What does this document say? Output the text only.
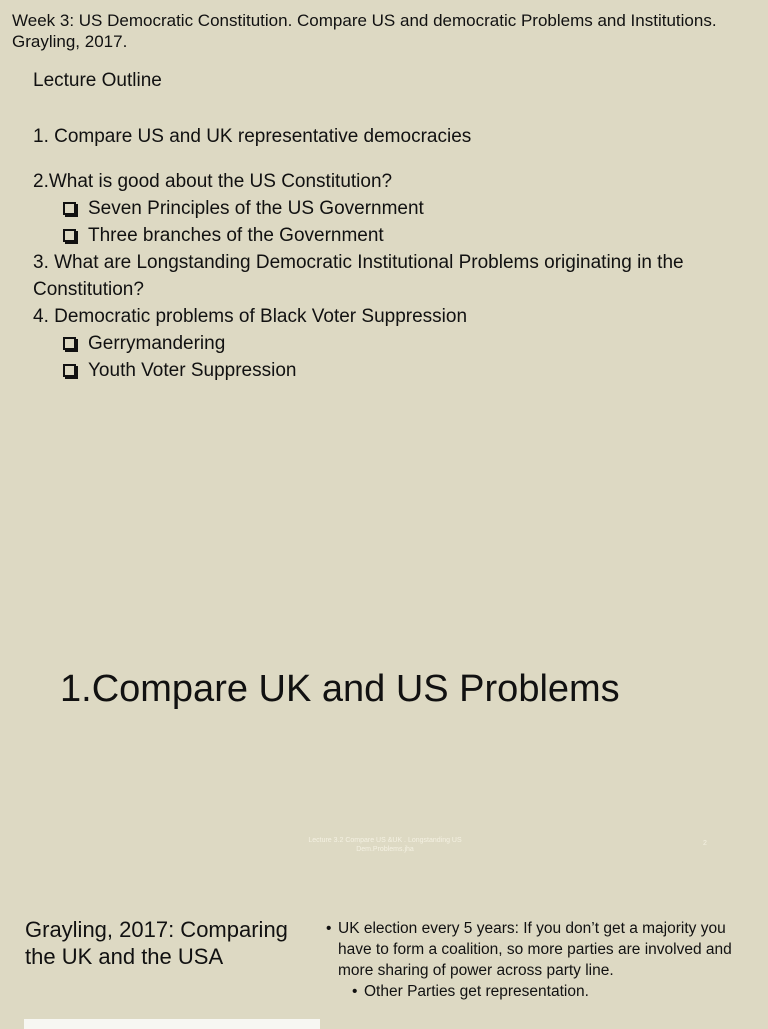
Week 3: US Democratic Constitution. Compare US and democratic Problems and Institutions. Grayling, 2017.
Lecture Outline

1. Compare US and UK representative democracies

2.What is good about the US Constitution?

Seven Principles of the US Government
Three branches of the Government

3. What are Longstanding Democratic Institutional Problems originating in the Constitution?

4. Democratic problems of Black Voter Suppression

Gerrymandering
Youth Voter Suppression
1.Compare UK and US Problems
Lecture 3.2 Compare US &UK . Longstanding US Dem.Problems.jha
2
Grayling, 2017: Comparing the UK and the USA
• UK election every 5 years: If you don’t get a majority you have to form a coalition, so more parties are involved and more sharing of power across party line.
• Other Parties get representation.
